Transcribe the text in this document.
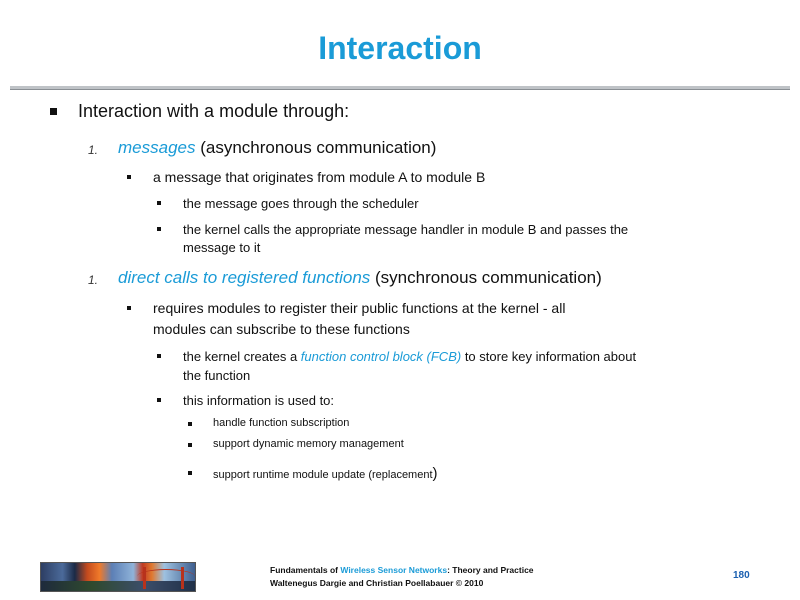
Interaction
Interaction with a module through:
1. messages (asynchronous communication)
a message that originates from module A to module B
the message goes through the scheduler
the kernel calls the appropriate message handler in module B and passes the
message to it
1. direct calls to registered functions (synchronous communication)
requires modules to register their public functions at the kernel - all
modules can subscribe to these functions
the kernel creates a function control block (FCB) to store key information about
the function
this information is used to:
handle function subscription
support dynamic memory management
support runtime module update (replacement)
Fundamentals of Wireless Sensor Networks: Theory and Practice
Waltenegus Dargie and Christian Poellabauer © 2010
180
